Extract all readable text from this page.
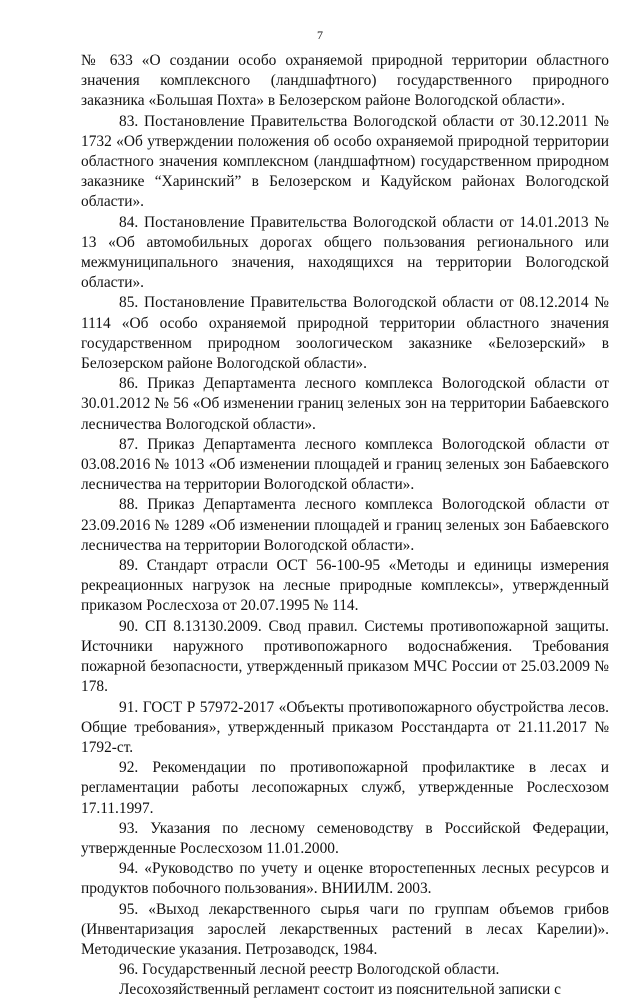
7

№ 633 «О создании особо охраняемой природной территории областного значения комплексного (ландшафтного) государственного природного заказника «Большая Похта» в Белозерском районе Вологодской области».

83. Постановление Правительства Вологодской области от 30.12.2011 № 1732 «Об утверждении положения об особо охраняемой природной территории областного значения комплексном (ландшафтном) государственном природном заказнике “Харинский” в Белозерском и Кадуйском районах Вологодской области».

84. Постановление Правительства Вологодской области от 14.01.2013 № 13 «Об автомобильных дорогах общего пользования регионального или межмуниципального значения, находящихся на территории Вологодской области».

85. Постановление Правительства Вологодской области от 08.12.2014 № 1114 «Об особо охраняемой природной территории областного значения государственном природном зоологическом заказнике «Белозерский» в Белозерском районе Вологодской области».

86. Приказ Департамента лесного комплекса Вологодской области от 30.01.2012 № 56 «Об изменении границ зеленых зон на территории Бабаевского лесничества Вологодской области».

87. Приказ Департамента лесного комплекса Вологодской области от 03.08.2016 № 1013 «Об изменении площадей и границ зеленых зон Бабаевского лесничества на территории Вологодской области».

88. Приказ Департамента лесного комплекса Вологодской области от 23.09.2016 № 1289 «Об изменении площадей и границ зеленых зон Бабаевского лесничества на территории Вологодской области».

89. Стандарт отрасли ОСТ 56-100-95 «Методы и единицы измерения рекреационных нагрузок на лесные природные комплексы», утвержденный приказом Рослесхоза от 20.07.1995 № 114.

90. СП 8.13130.2009. Свод правил. Системы противопожарной защиты. Источники наружного противопожарного водоснабжения. Требования пожарной безопасности, утвержденный приказом МЧС России от 25.03.2009 № 178.

91. ГОСТ Р 57972-2017 «Объекты противопожарного обустройства лесов. Общие требования», утвержденный приказом Росстандарта от 21.11.2017 № 1792-ст.

92. Рекомендации по противопожарной профилактике в лесах и регламентации работы лесопожарных служб, утвержденные Рослесхозом 17.11.1997.

93. Указания по лесному семеноводству в Российской Федерации, утвержденные Рослесхозом 11.01.2000.

94. «Руководство по учету и оценке второстепенных лесных ресурсов и продуктов побочного пользования». ВНИИЛМ. 2003.

95. «Выход лекарственного сырья чаги по группам объемов грибов (Инвентаризация зарослей лекарственных растений в лесах Карелии)». Методические указания. Петрозаводск, 1984.

96. Государственный лесной реестр Вологодской области.

Лесохозяйственный регламент состоит из пояснительной записки с
